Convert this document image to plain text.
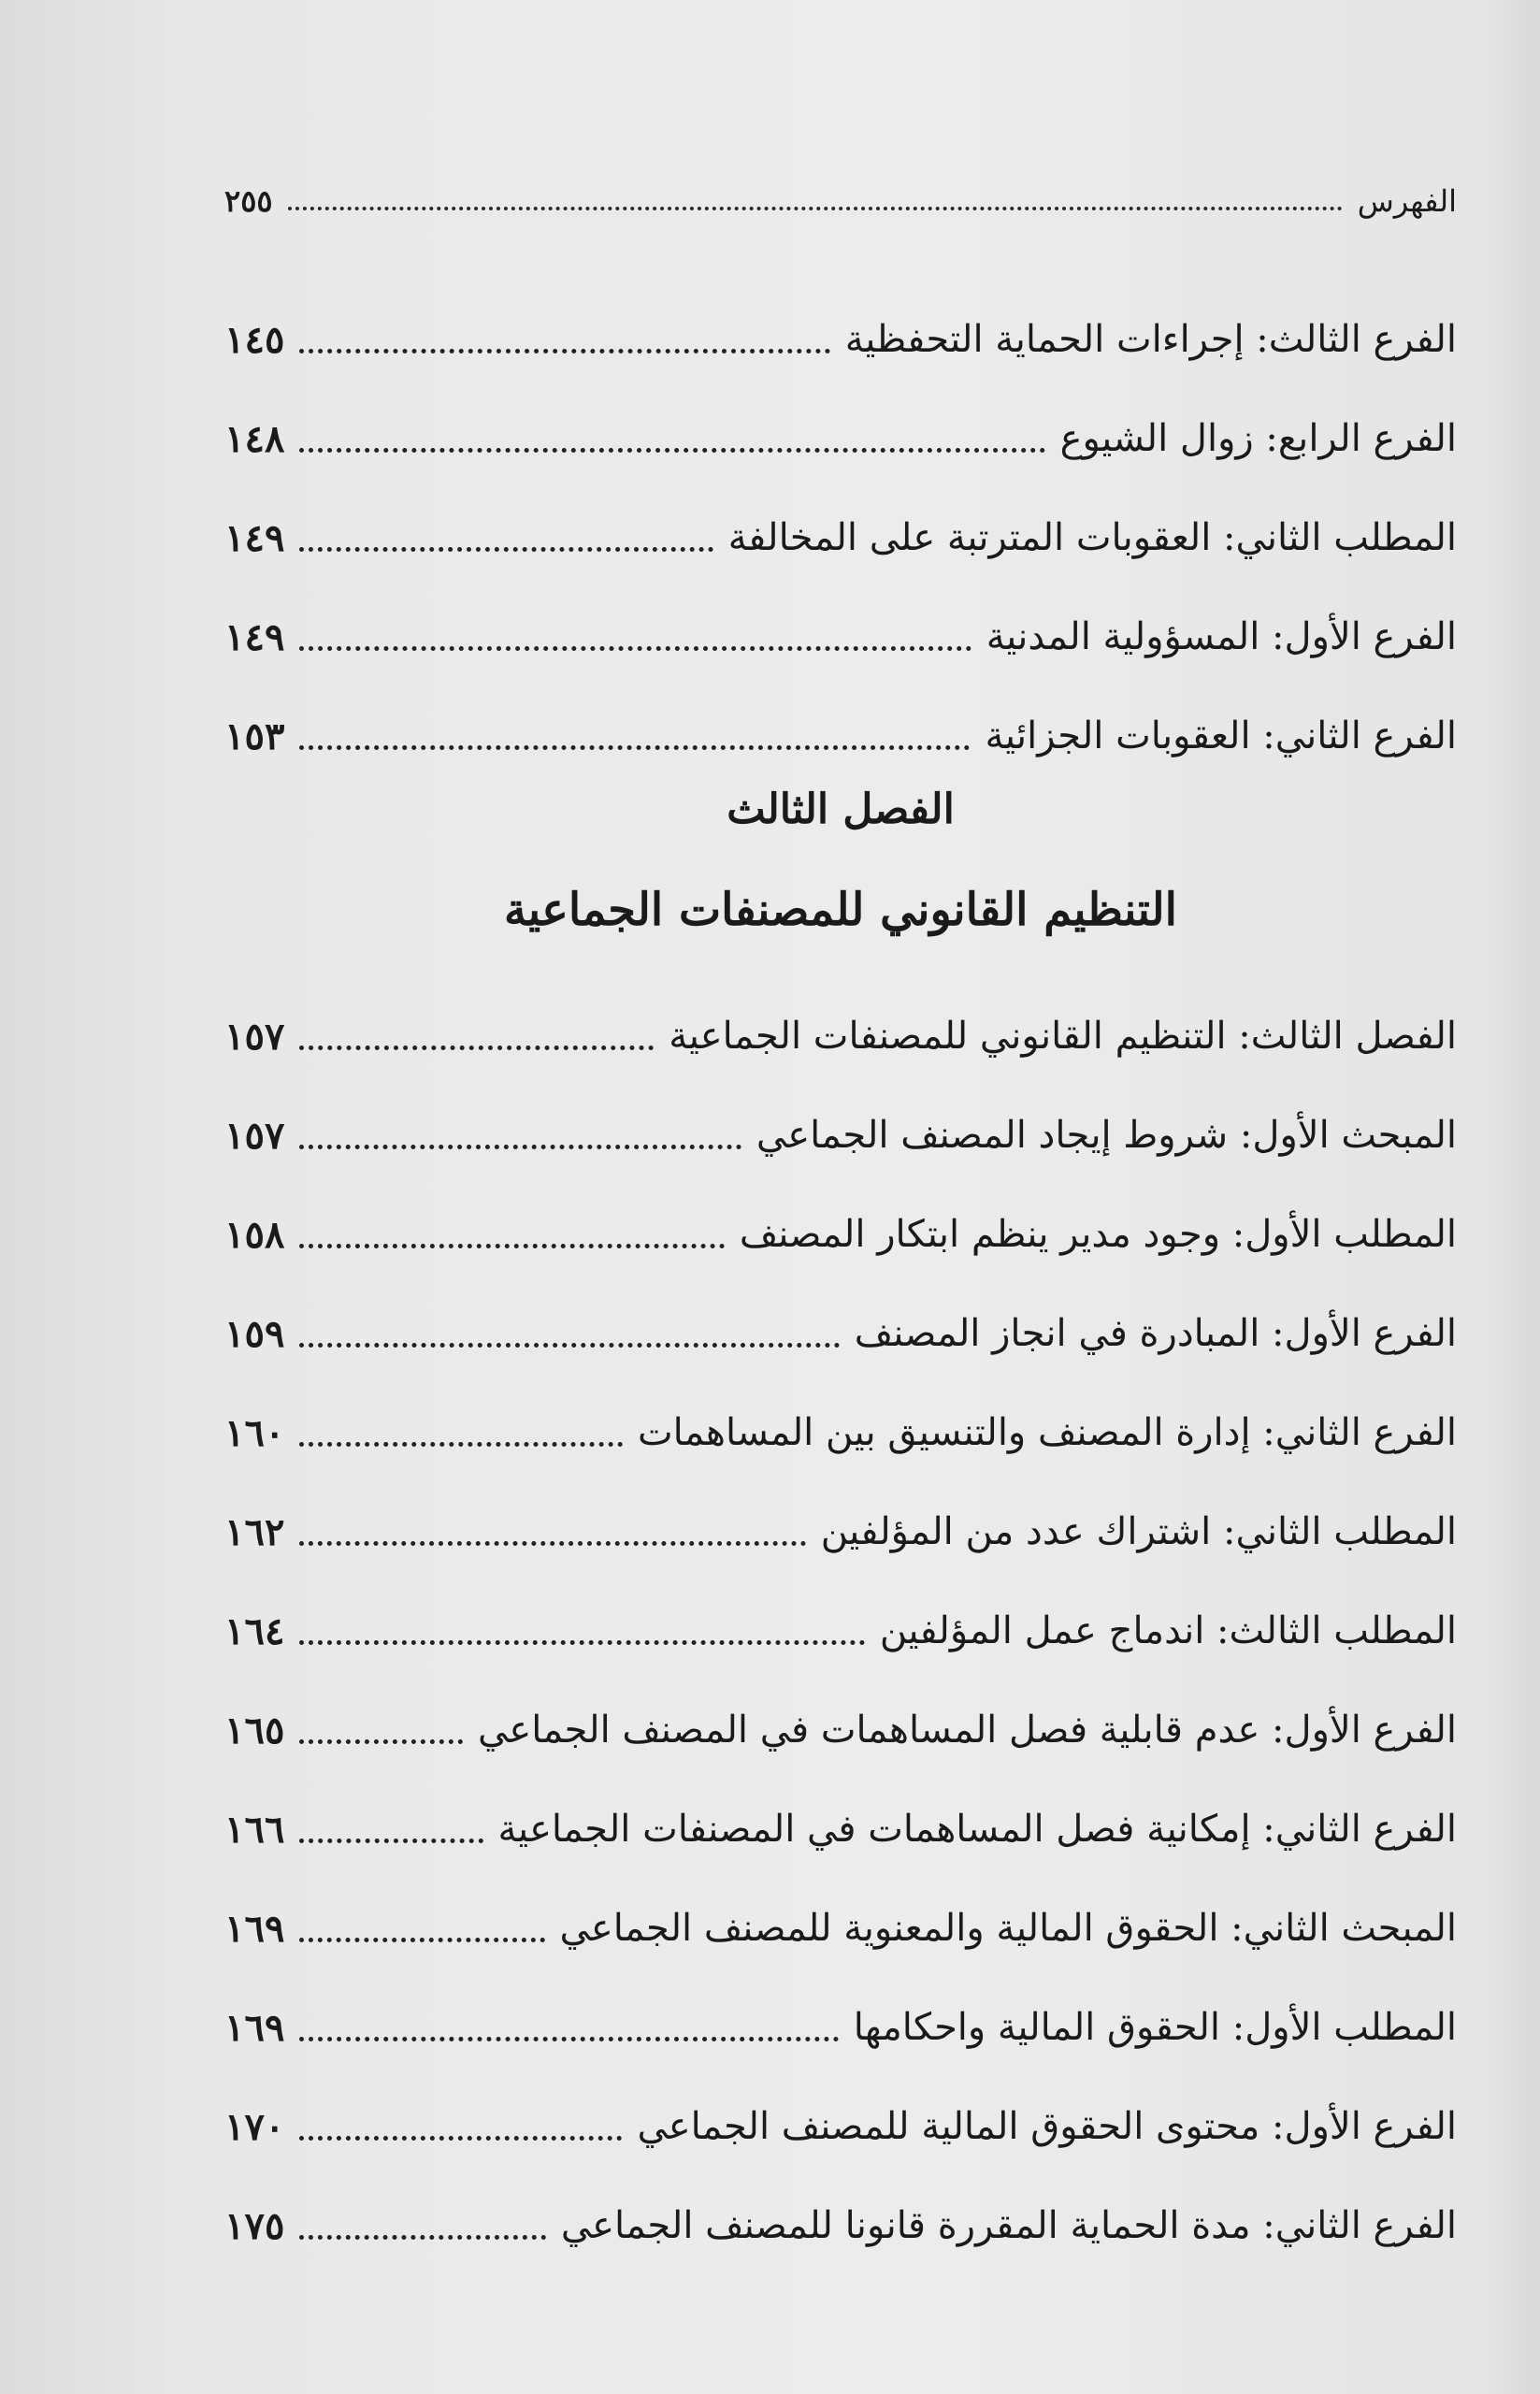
الفهرس
٢٥٥
الفرع الثالث: إجراءات الحماية التحفظية
١٤٥
الفرع الرابع: زوال الشيوع
١٤٨
المطلب الثاني: العقوبات المترتبة على المخالفة
١٤٩
الفرع الأول: المسؤولية المدنية
١٤٩
الفرع الثاني: العقوبات الجزائية
١٥٣
الفصل الثالث
التنظيم القانوني للمصنفات الجماعية
الفصل الثالث: التنظيم القانوني للمصنفات الجماعية
١٥٧
المبحث الأول: شروط إيجاد المصنف الجماعي
١٥٧
المطلب الأول: وجود مدير ينظم ابتكار المصنف
١٥٨
الفرع الأول: المبادرة في انجاز المصنف
١٥٩
الفرع الثاني: إدارة المصنف والتنسيق بين المساهمات
١٦٠
المطلب الثاني: اشتراك عدد من المؤلفين
١٦٢
المطلب الثالث: اندماج عمل المؤلفين
١٦٤
الفرع الأول: عدم قابلية فصل المساهمات في المصنف الجماعي
١٦٥
الفرع الثاني: إمكانية فصل المساهمات في المصنفات الجماعية
١٦٦
المبحث الثاني: الحقوق المالية والمعنوية للمصنف الجماعي
١٦٩
المطلب الأول: الحقوق المالية واحكامها
١٦٩
الفرع الأول: محتوى الحقوق المالية للمصنف الجماعي
١٧٠
الفرع الثاني: مدة الحماية المقررة قانونا للمصنف الجماعي
١٧٥
